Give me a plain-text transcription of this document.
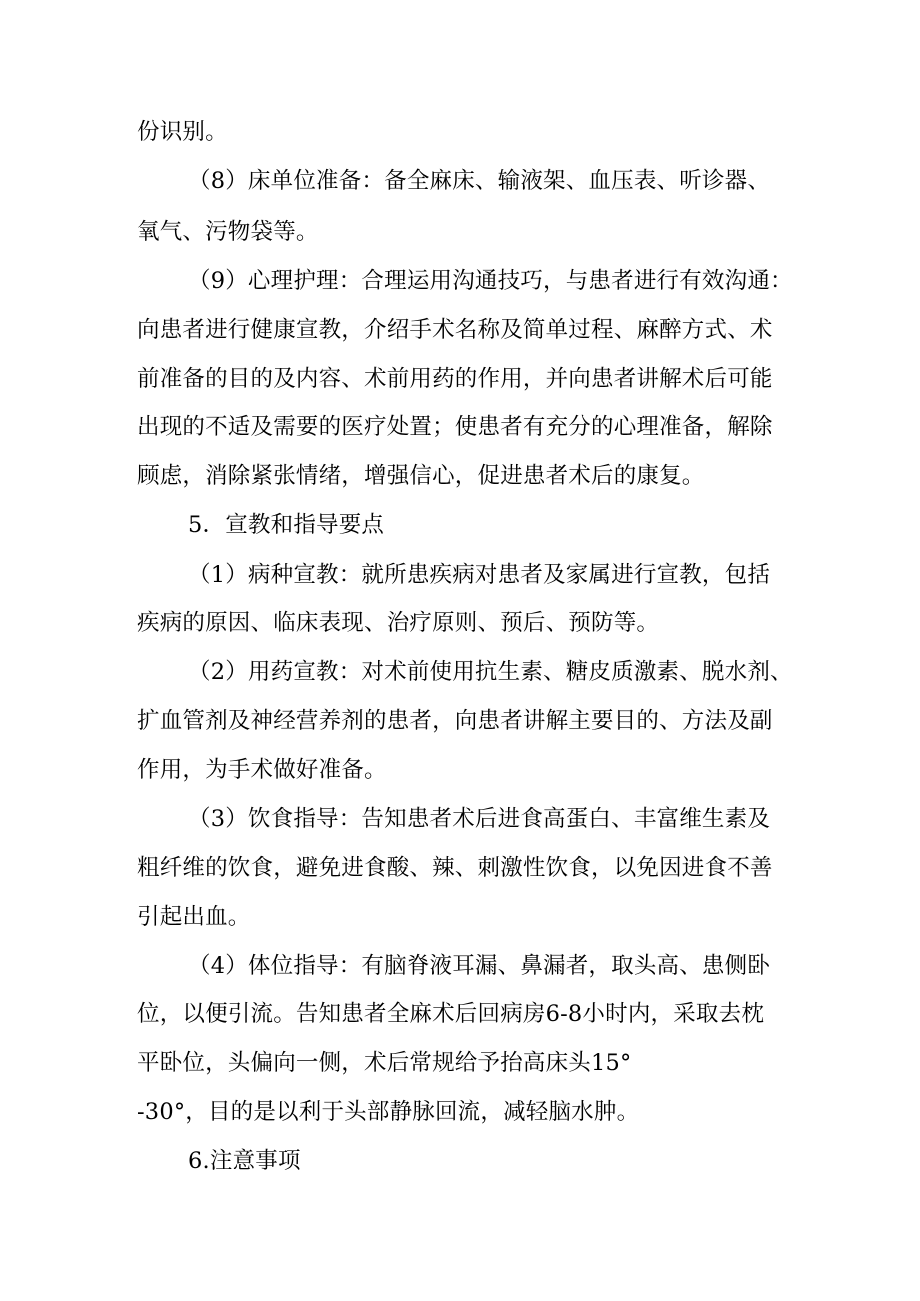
份识别。
（8）床单位准备：备全麻床、输液架、血压表、听诊器、
氧气、污物袋等。
（9）心理护理：合理运用沟通技巧，与患者进行有效沟通：
向患者进行健康宣教，介绍手术名称及简单过程、麻醉方式、术
前准备的目的及内容、术前用药的作用，并向患者讲解术后可能
出现的不适及需要的医疗处置；使患者有充分的心理准备，解除
顾虑，消除紧张情绪，增强信心，促进患者术后的康复。
5．宣教和指导要点
（1）病种宣教：就所患疾病对患者及家属进行宣教，包括
疾病的原因、临床表现、治疗原则、预后、预防等。
（2）用药宣教：对术前使用抗生素、糖皮质激素、脱水剂、
扩血管剂及神经营养剂的患者，向患者讲解主要目的、方法及副
作用，为手术做好准备。
（3）饮食指导：告知患者术后进食高蛋白、丰富维生素及
粗纤维的饮食，避免进食酸、辣、刺激性饮食，以免因进食不善
引起出血。
（4）体位指导：有脑脊液耳漏、鼻漏者，取头高、患侧卧
位，以便引流。告知患者全麻术后回病房6-8小时内，采取去枕
平卧位，头偏向一侧，术后常规给予抬高床头15°
-30°，目的是以利于头部静脉回流，减轻脑水肿。
6.注意事项
